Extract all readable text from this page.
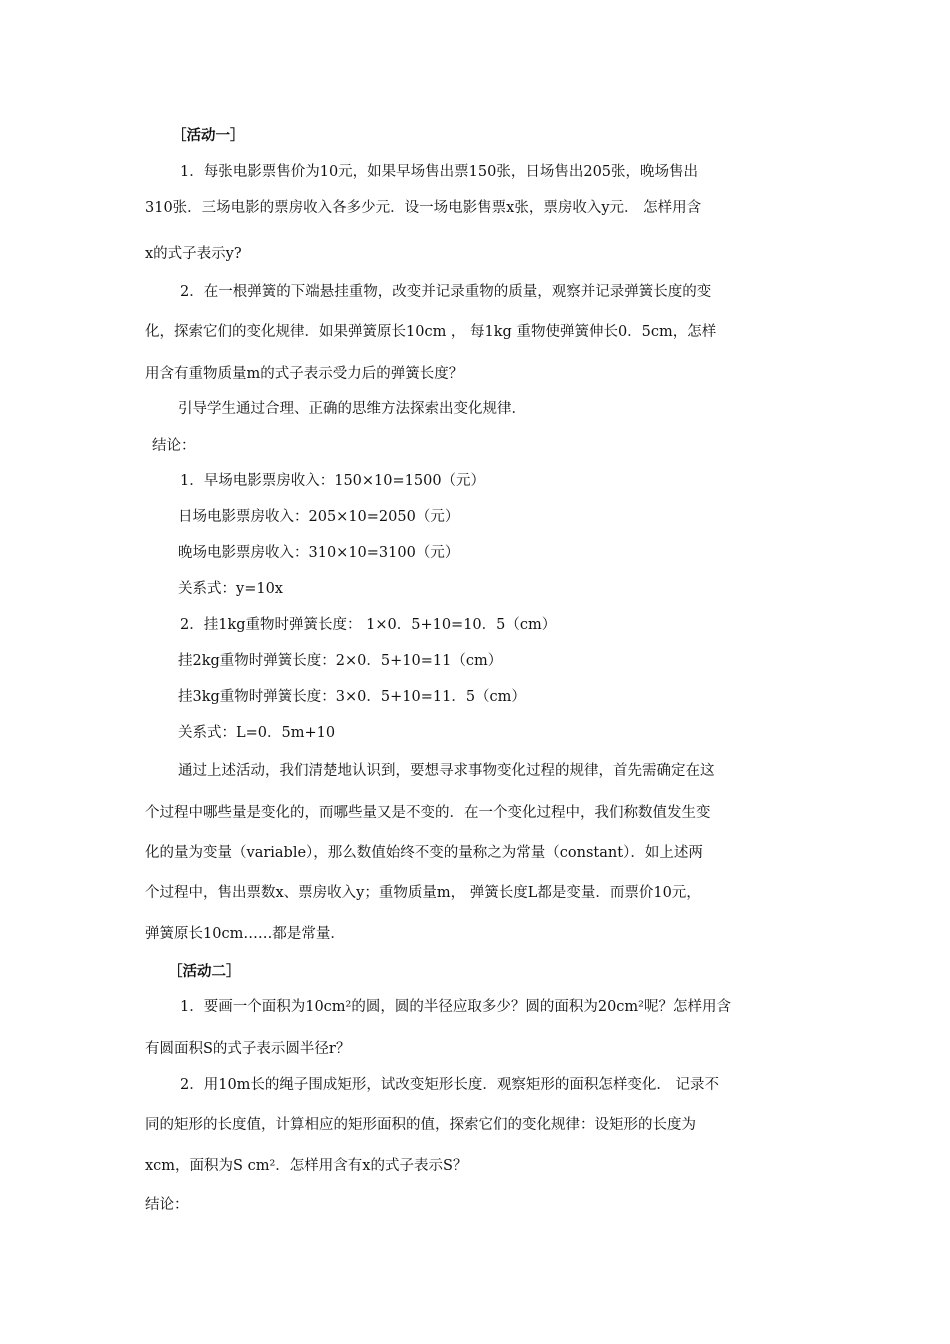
［活动一］
1．每张电影票售价为10元，如果早场售出票150张，日场售出205张，晚场售出
310张．三场电影的票房收入各多少元．设一场电影售票x张，票房收入y元． 怎样用含
x的式子表示y?
2．在一根弹簧的下端悬挂重物，改变并记录重物的质量，观察并记录弹簧长度的变
化，探索它们的变化规律．如果弹簧原长10cm ， 每1kg 重物使弹簧伸长0．5cm，怎样
用含有重物质量m的式子表示受力后的弹簧长度？
引导学生通过合理、正确的思维方法探索出变化规律．
结论：
1．早场电影票房收入：150×10=1500（元）
日场电影票房收入：205×10=2050（元）
晚场电影票房收入：310×10=3100（元）
关系式：y=10x
2．挂1kg重物时弹簧长度： 1×0．5+10=10．5（cm）
挂2kg重物时弹簧长度：2×0．5+10=11（cm）
挂3kg重物时弹簧长度：3×0．5+10=11．5（cm）
关系式：L=0．5m+10
通过上述活动，我们清楚地认识到，要想寻求事物变化过程的规律，首先需确定在这
个过程中哪些量是变化的，而哪些量又是不变的．在一个变化过程中，我们称数值发生变
化的量为变量（variable），那么数值始终不变的量称之为常量（constant）．如上述两
个过程中，售出票数x、票房收入y；重物质量m， 弹簧长度L都是变量．而票价10元，
弹簧原长10cm……都是常量．
［活动二］
1．要画一个面积为10cm²的圆，圆的半径应取多少？圆的面积为20cm²呢？怎样用含
有圆面积S的式子表示圆半径r？
2．用10m长的绳子围成矩形，试改变矩形长度．观察矩形的面积怎样变化． 记录不
同的矩形的长度值，计算相应的矩形面积的值，探索它们的变化规律：设矩形的长度为
xcm，面积为S cm²．怎样用含有x的式子表示S？
结论：
